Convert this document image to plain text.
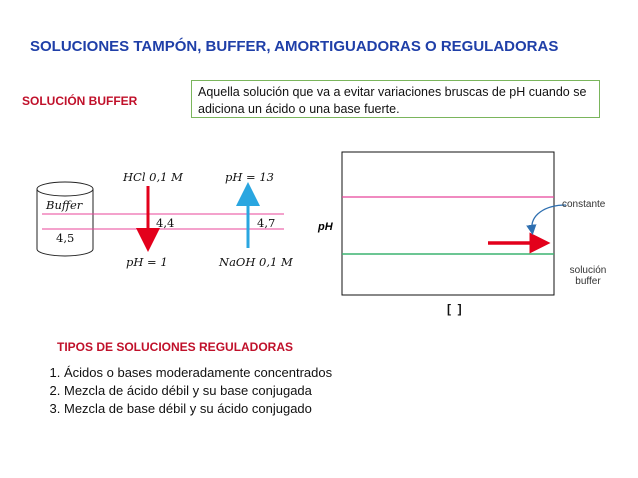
SOLUCIONES TAMPÓN, BUFFER, AMORTIGUADORAS O REGULADORAS
SOLUCIÓN BUFFER
Aquella solución que va a evitar variaciones bruscas de pH cuando se adiciona un ácido o una base fuerte.
Buffer
4,5
HCl 0,1 M
pH = 1
4,4
pH = 13
NaOH 0,1 M
4,7	pH
[  ]
constante
solución
buffer
TIPOS DE SOLUCIONES REGULADORAS
1. Ácidos o bases moderadamente concentrados
2. Mezcla de ácido débil y su base conjugada
3. Mezcla de base débil y su ácido conjugado
